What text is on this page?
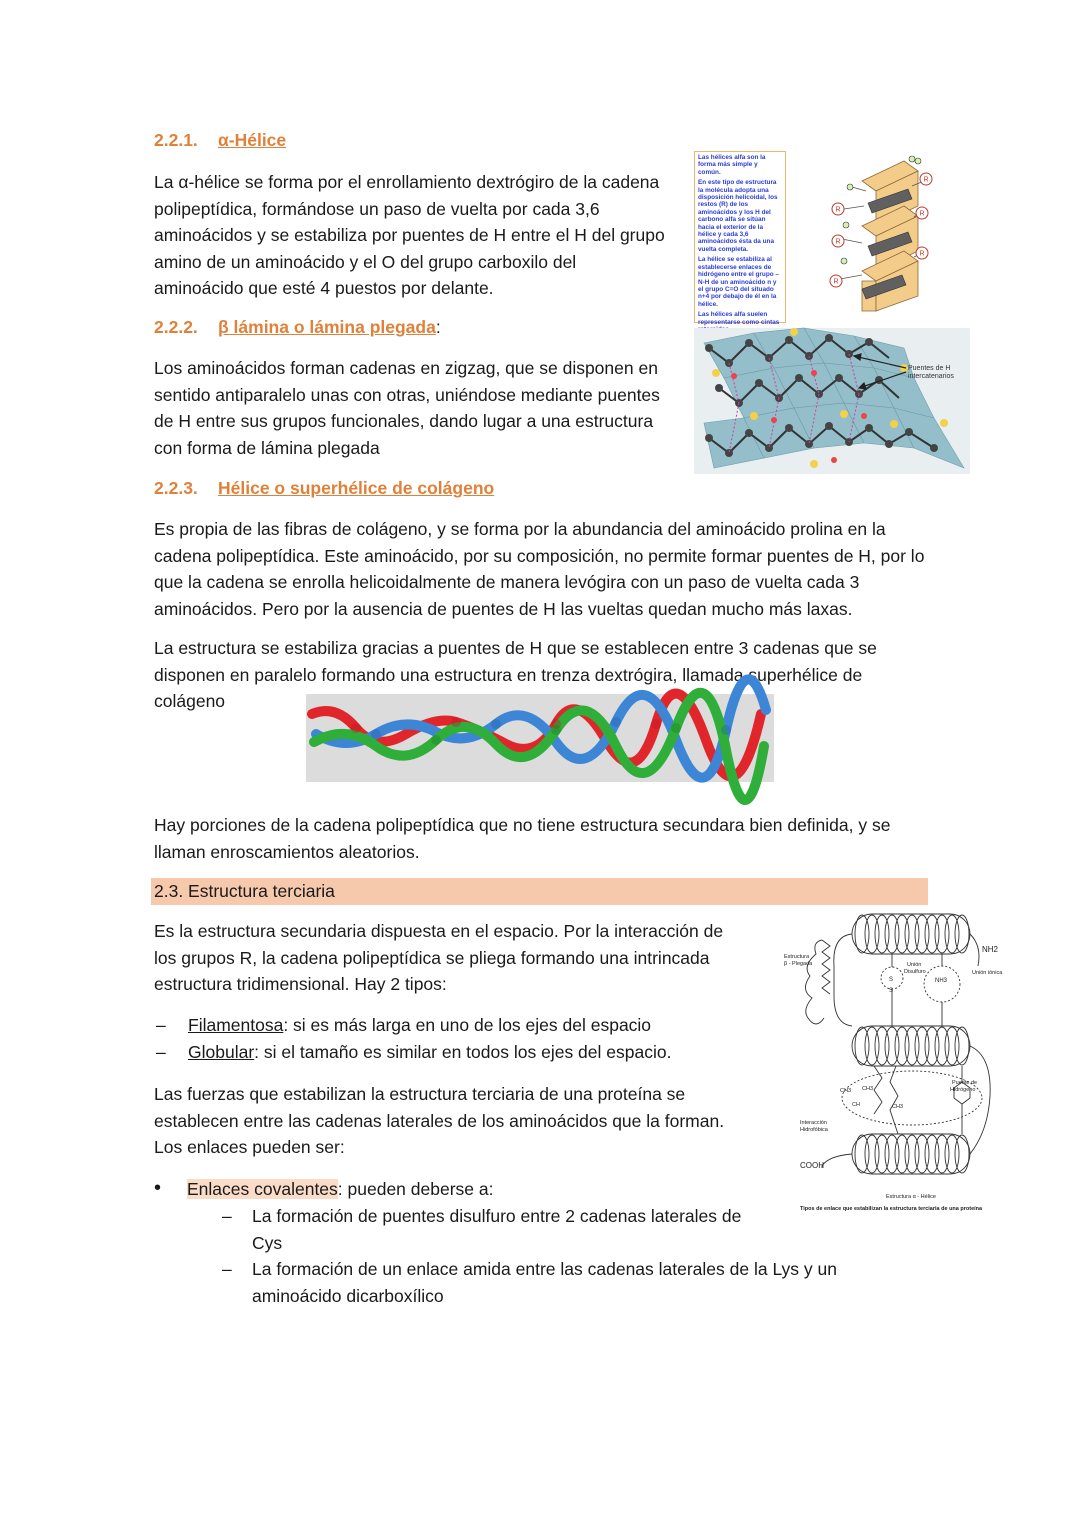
2.2.1. α-Hélice

La α-hélice se forma por el enrollamiento dextrógiro de la cadena polipeptídica, formándose un paso de vuelta por cada 3,6 aminoácidos y se estabiliza por puentes de H entre el H del grupo amino de un aminoácido y el O del grupo carboxilo del aminoácido que esté 4 puestos por delante.

Las hélices alfa son la forma más simple y común.

En este tipo de estructura la molécula adopta una disposición helicoidal, los restos (R) de los aminoácidos y los H del carbono alfa se sitúan hacia el exterior de la hélice y cada 3,6 aminoácidos ésta da una vuelta completa.

La hélice se estabiliza al establecerse enlaces de hidrógeno entre el grupo –N-H de un aminoácido n y el grupo C=O del situado n+4 por debajo de él en la hélice.

Las hélices alfa suelen representarse como cintas

R
R
R
R
R
R
2.2.2. β lámina o lámina plegada:

Los aminoácidos forman cadenas en zigzag, que se disponen en sentido antiparalelo unas con otras, uniéndose mediante puentes de H entre sus grupos funcionales, dando lugar a una estructura con forma de lámina plegada

Puentes de H
intercatenarios
2.2.3. Hélice o superhélice de colágeno

Es propia de las fibras de colágeno, y se forma por la abundancia del aminoácido prolina en la cadena polipeptídica. Este aminoácido, por su composición, no permite formar puentes de H, por lo que la cadena se enrolla helicoidalmente de manera levógira con un paso de vuelta cada 3 aminoácidos. Pero por la ausencia de puentes de H las vueltas quedan mucho más laxas.

La estructura se estabiliza gracias a puentes de H que se establecen entre 3 cadenas que se disponen en paralelo formando una estructura en trenza dextrógira, llamada superhélice de colágeno

Hay porciones de la cadena polipeptídica que no tiene estructura secundara bien definida, y se llaman enroscamientos aleatorios.

2.3. Estructura terciaria

Es la estructura secundaria dispuesta en el espacio. Por la interacción de los grupos R, la cadena polipeptídica se pliega formando una intrincada estructura tridimensional. Hay 2 tipos:

– Filamentosa: si es más larga en uno de los ejes del espacio
– Globular: si el tamaño es similar en todos los ejes del espacio.

Las fuerzas que estabilizan la estructura terciaria de una proteína se establecen entre las cadenas laterales de los aminoácidos que la forman. Los enlaces pueden ser:

• Enlaces covalentes: pueden deberse a:
– La formación de puentes disulfuro entre 2 cadenas laterales de Cys
– La formación de un enlace amida entre las cadenas laterales de la Lys y un aminoácido dicarboxílico
NH2
Estructura
β - Plegada	Unión
Disulfuro	Unión iónica
S
S
NH3
Puente de
Hidrógeno
Interacción
Hidrofóbica
CH3 CH3
CH	CH3
COOH
Estructura α - Hélice
Tipos de enlace que estabilizan la estructura terciaria de una proteína
